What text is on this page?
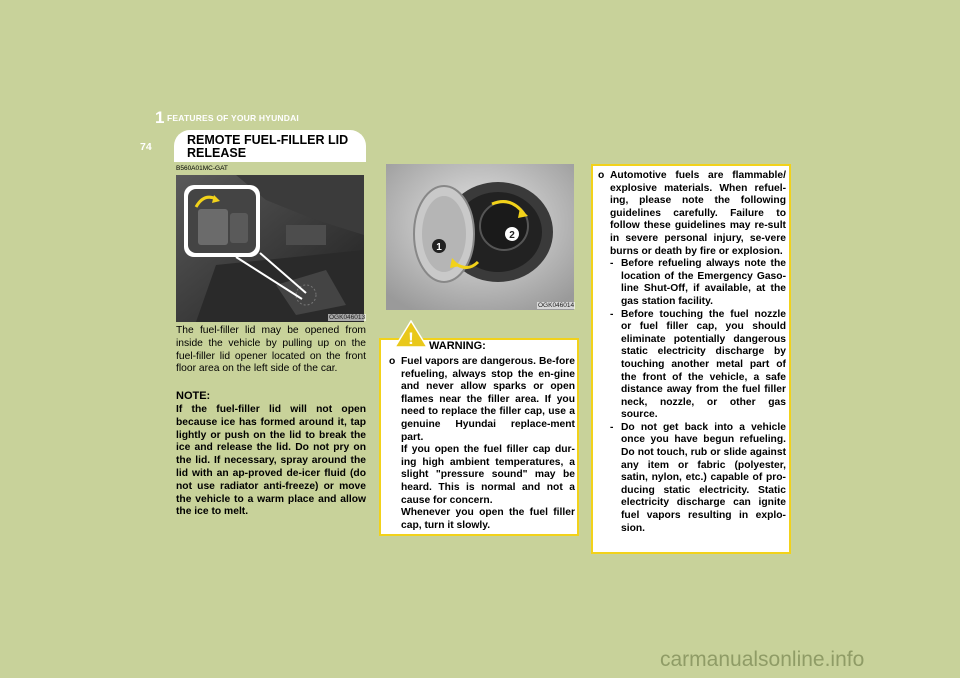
1 FEATURES OF YOUR HYUNDAI
74	REMOTE FUEL-FILLER LID RELEASE
B560A01MC-GAT
OGK046013
1
2
OGK046014
The fuel-filler lid may be opened from inside the vehicle by pulling up on the fuel-filler lid opener located on the front floor area on the left side of the car.
NOTE:
If the fuel-filler lid will not open because ice has formed around it, tap lightly or push on the lid to break the ice and release the lid. Do not pry on the lid. If necessary, spray around the lid with an ap-proved de-icer fluid (do not use radiator anti-freeze) or move the vehicle to a warm place and allow the ice to melt.
! WARNING:
o Fuel vapors are dangerous. Be-fore refueling, always stop the en-gine and never allow sparks or open flames near the filler area. If you need to replace the filler cap, use a genuine Hyundai replace-ment part.
If you open the fuel filler cap dur-ing high ambient temperatures, a slight "pressure sound" may be heard. This is normal and not a cause for concern.
Whenever you open the fuel filler cap, turn it slowly.
o Automotive fuels are flammable/ explosive materials. When refuel-ing, please note the following guidelines carefully. Failure to follow these guidelines may re-sult in severe personal injury, se-vere burns or death by fire or explosion.
- Before refueling always note the location of the Emergency Gaso-line Shut-Off, if available, at the gas station facility.
- Before touching the fuel nozzle or fuel filler cap, you should eliminate potentially dangerous static electricity discharge by touching another metal part of the front of the vehicle, a safe distance away from the fuel filler neck, nozzle, or other gas source.
- Do not get back into a vehicle once you have begun refueling. Do not touch, rub or slide against any item or fabric (polyester, satin, nylon, etc.) capable of pro-ducing static electricity. Static electricity discharge can ignite fuel vapors resulting in explo-sion.
carmanualsonline.info
